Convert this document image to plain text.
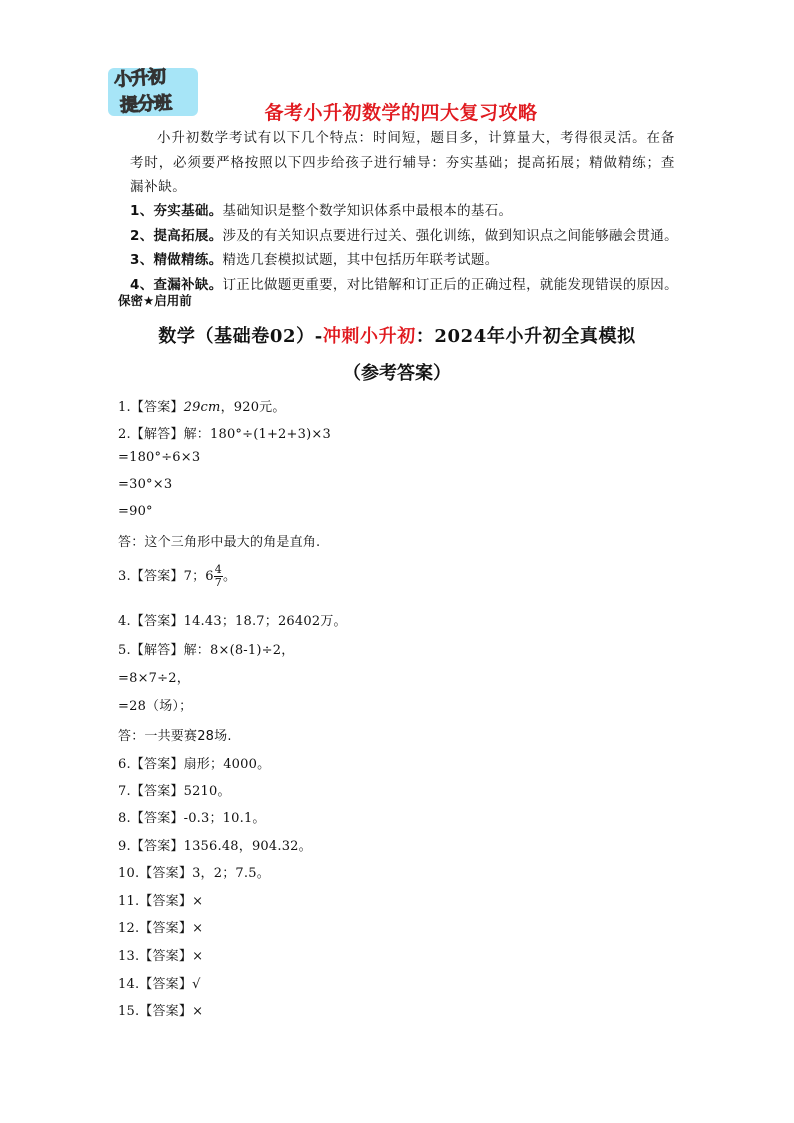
小升初
提分班	备考小升初数学的四大复习攻略
小升初数学考试有以下几个特点：时间短，题目多，计算量大，考得很灵活。在备考时，必须要严格按照以下四步给孩子进行辅导：夯实基础；提高拓展；精做精练；查漏补缺。
1、夯实基础。基础知识是整个数学知识体系中最根本的基石。
2、提高拓展。涉及的有关知识点要进行过关、强化训练，做到知识点之间能够融会贯通。
3、精做精练。精选几套模拟试题，其中包括历年联考试题。
4、查漏补缺。订正比做题更重要，对比错解和订正后的正确过程，就能发现错误的原因。
保密★启用前
数学（基础卷02）-冲刺小升初：2024年小升初全真模拟
（参考答案）
1.【答案】29cm，920元。
2.【解答】解：180°÷(1+2+3)×3
=180°÷6×3
=30°×3
=90°
答：这个三角形中最大的角是直角.
3.【答案】7；$6 \frac{4}{7}$ 。
4.【答案】14.43；18.7；26402万。
5.【解答】解：8×(8-1)÷2，
=8×7÷2，
=28（场）；
答：一共要赛28场.
6.【答案】扇形；4000。
7.【答案】5210。
8.【答案】-0.3；10.1。
9.【答案】1356.48，904.32。
10.【答案】3，2；7.5。
11.【答案】×
12.【答案】×
13.【答案】×
14.【答案】√
15.【答案】×
